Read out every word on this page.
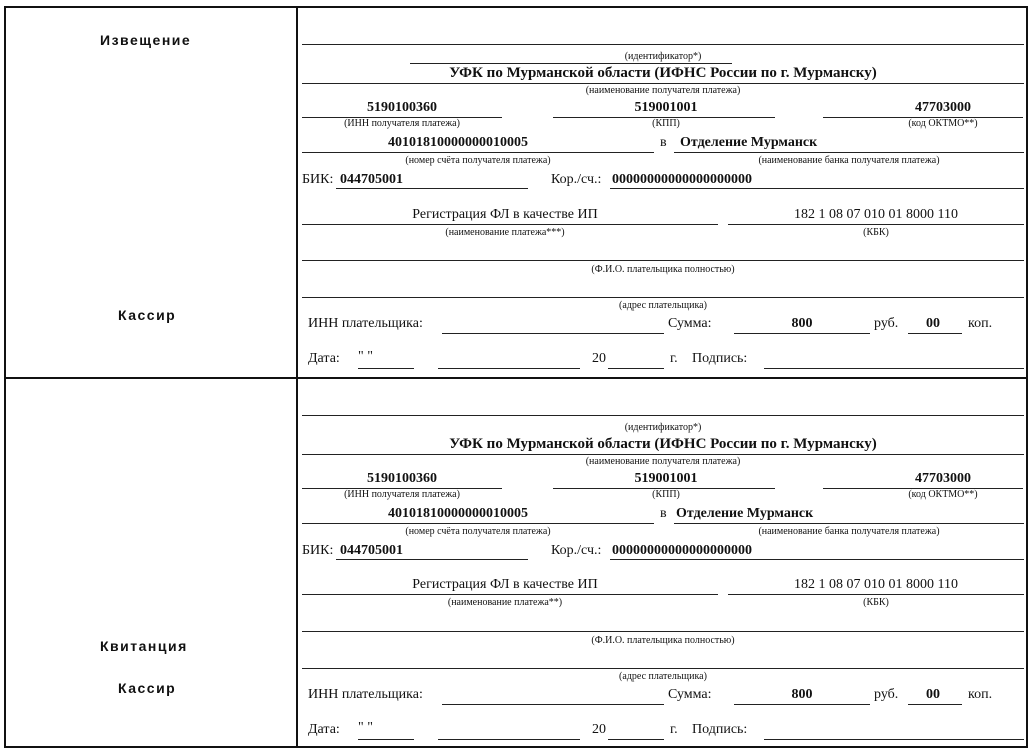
Извещение
Кассир
Квитанция
Кассир
(идентификатор*)
УФК по Мурманской области (ИФНС России по г. Мурманску)
(наименование получателя платежа)
5190100360	519001001	47703000
(ИНН получателя платежа)	(КПП)	(код ОКТМО**)
40101810000000010005	в Отделение Мурманск
(номер счёта получателя платежа)	(наименование банка получателя платежа)
БИК: 044705001	Кор./сч.: 00000000000000000000
Регистрация ФЛ в качестве ИП	182 1 08 07 010 01 8000 110
(наименование платежа***)	(КБК)
(Ф.И.О. плательщика полностью)
(адрес плательщика)
ИНН плательщика:	Сумма:	800	руб.	00	коп.
Дата: " "	20	г. Подпись:
(идентификатор*)
УФК по Мурманской области (ИФНС России по г. Мурманску)
(наименование получателя платежа)
5190100360	519001001	47703000
(ИНН получателя платежа)	(КПП)	(код ОКТМО**)
40101810000000010005	в Отделение Мурманск
(номер счёта получателя платежа)	(наименование банка получателя платежа)
БИК: 044705001	Кор./сч.: 00000000000000000000
Регистрация ФЛ в качестве ИП	182 1 08 07 010 01 8000 110
(наименование платежа**)	(КБК)
(Ф.И.О. плательщика полностью)
(адрес плательщика)
ИНН плательщика:	Сумма:	800	руб.	00	коп.
Дата: " "	20	г. Подпись:
